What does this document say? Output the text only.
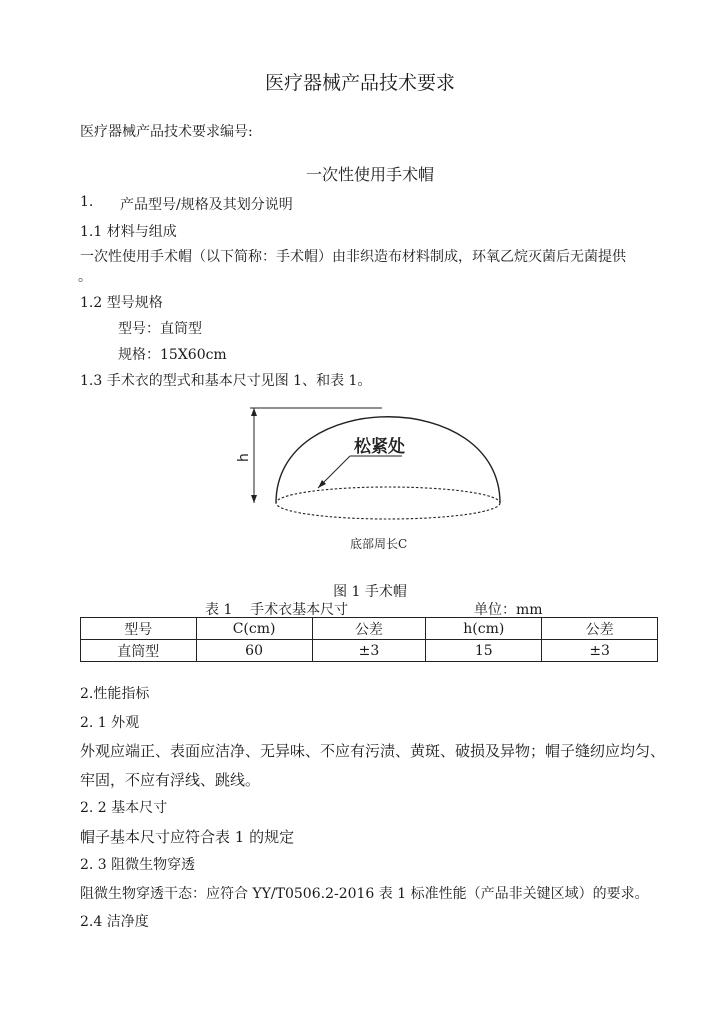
医疗器械产品技术要求
医疗器械产品技术要求编号:
一次性使用手术帽
1. 产品型号/规格及其划分说明
1.1 材料与组成
一次性使用手术帽（以下简称：手术帽）由非织造布材料制成，环氧乙烷灭菌后无菌提供
。
1.2 型号规格
型号：直筒型
规格：15X60cm
1.3 手术衣的型式和基本尺寸见图 1、和表 1。
h
松紧处
底部周长C
图 1 手术帽
表 1    手术衣基本尺寸	单位：mm
型号	C(cm)	公差	h(cm)	公差
直筒型	60	±3	15	±3
2.性能指标
2. 1 外观
外观应端正、表面应洁净、无异味、不应有污渍、黄斑、破损及异物；帽子缝纫应均匀、
牢固，不应有浮线、跳线。
2. 2 基本尺寸
帽子基本尺寸应符合表 1 的规定
2. 3 阻微生物穿透
阻微生物穿透干态：应符合 YY/T0506.2-2016 表 1 标准性能（产品非关键区域）的要求。
2.4 洁净度
